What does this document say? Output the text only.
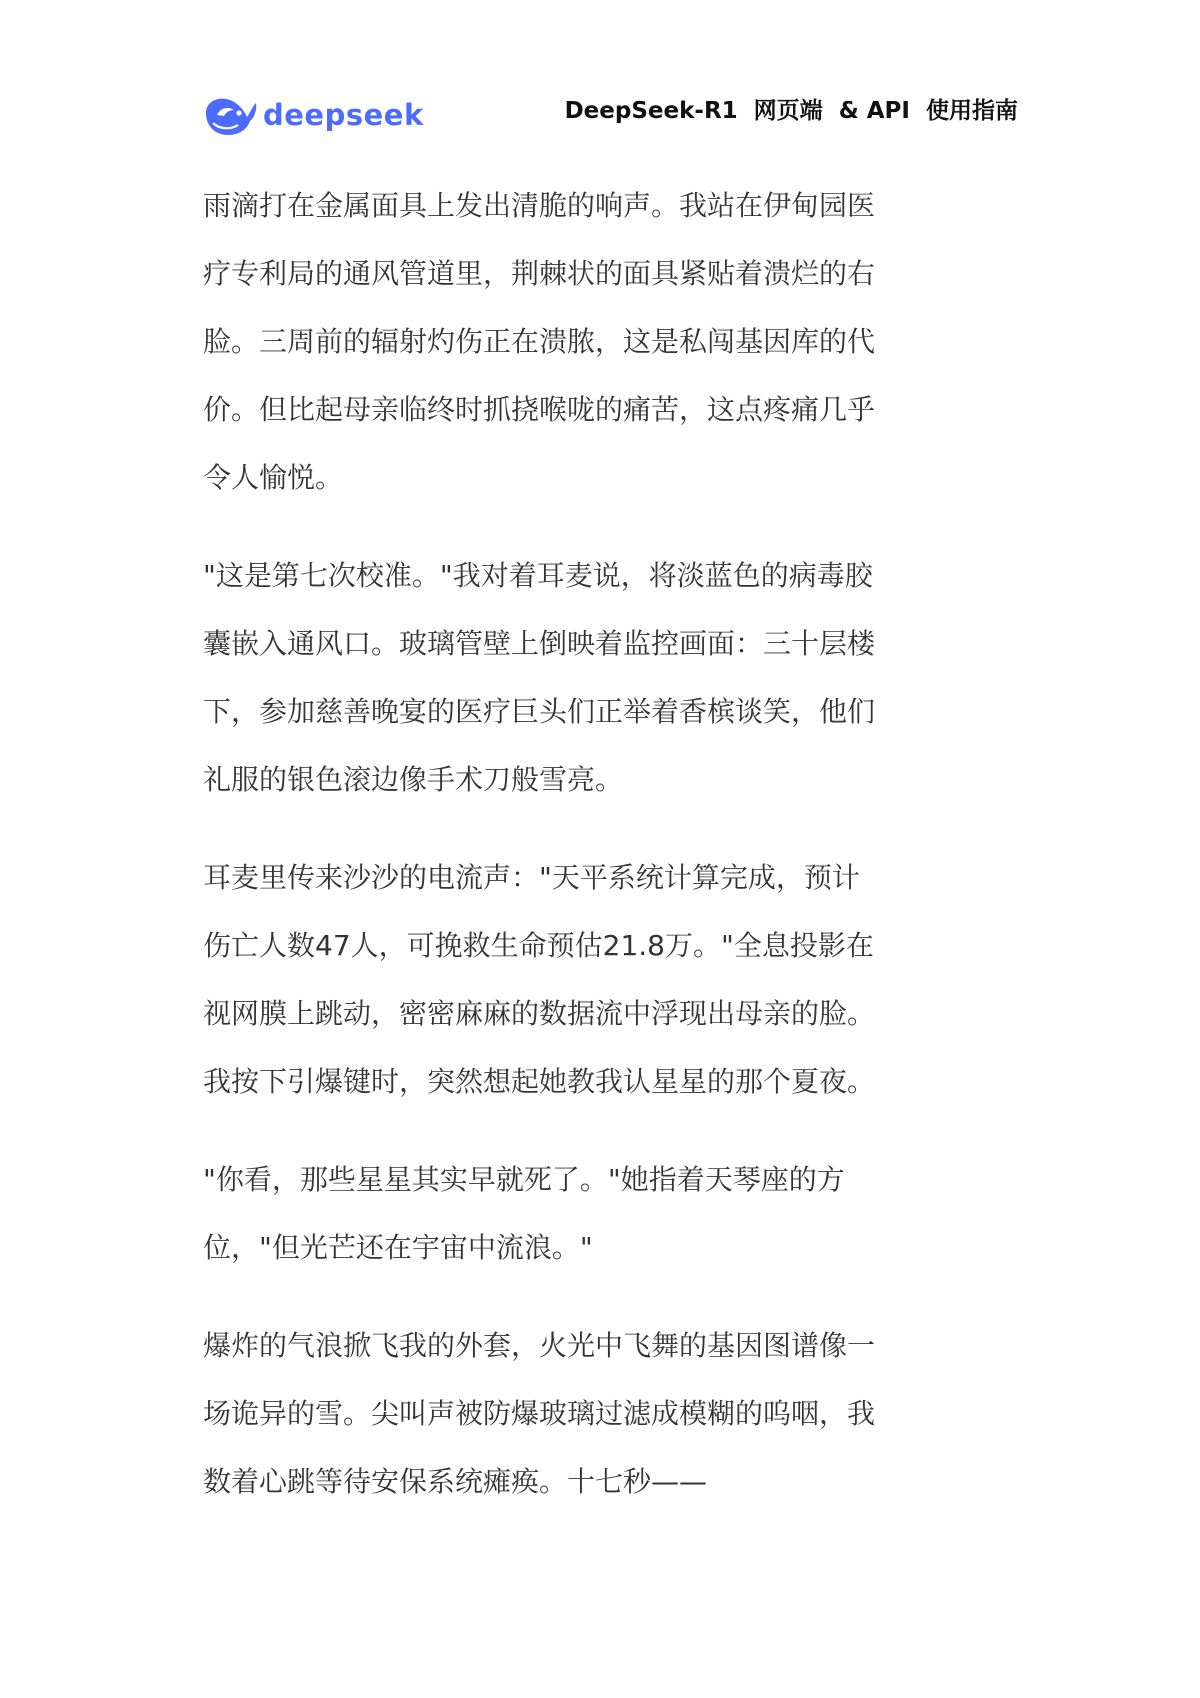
deepseek	DeepSeek-R1  网页端  & API  使用指南

雨滴打在金属面具上发出清脆的响声。我站在伊甸园医疗专利局的通风管道里，荆棘状的面具紧贴着溃烂的右脸。三周前的辐射灼伤正在溃脓，这是私闯基因库的代价。但比起母亲临终时抓挠喉咙的痛苦，这点疼痛几乎令人愉悦。

"这是第七次校准。"我对着耳麦说，将淡蓝色的病毒胶囊嵌入通风口。玻璃管壁上倒映着监控画面：三十层楼下，参加慈善晚宴的医疗巨头们正举着香槟谈笑，他们礼服的银色滚边像手术刀般雪亮。

耳麦里传来沙沙的电流声："天平系统计算完成，预计伤亡人数47人，可挽救生命预估21.8万。"全息投影在视网膜上跳动，密密麻麻的数据流中浮现出母亲的脸。我按下引爆键时，突然想起她教我认星星的那个夏夜。

"你看，那些星星其实早就死了。"她指着天琴座的方位，"但光芒还在宇宙中流浪。"

爆炸的气浪掀飞我的外套，火光中飞舞的基因图谱像一场诡异的雪。尖叫声被防爆玻璃过滤成模糊的呜咽，我数着心跳等待安保系统瘫痪。十七秒——
